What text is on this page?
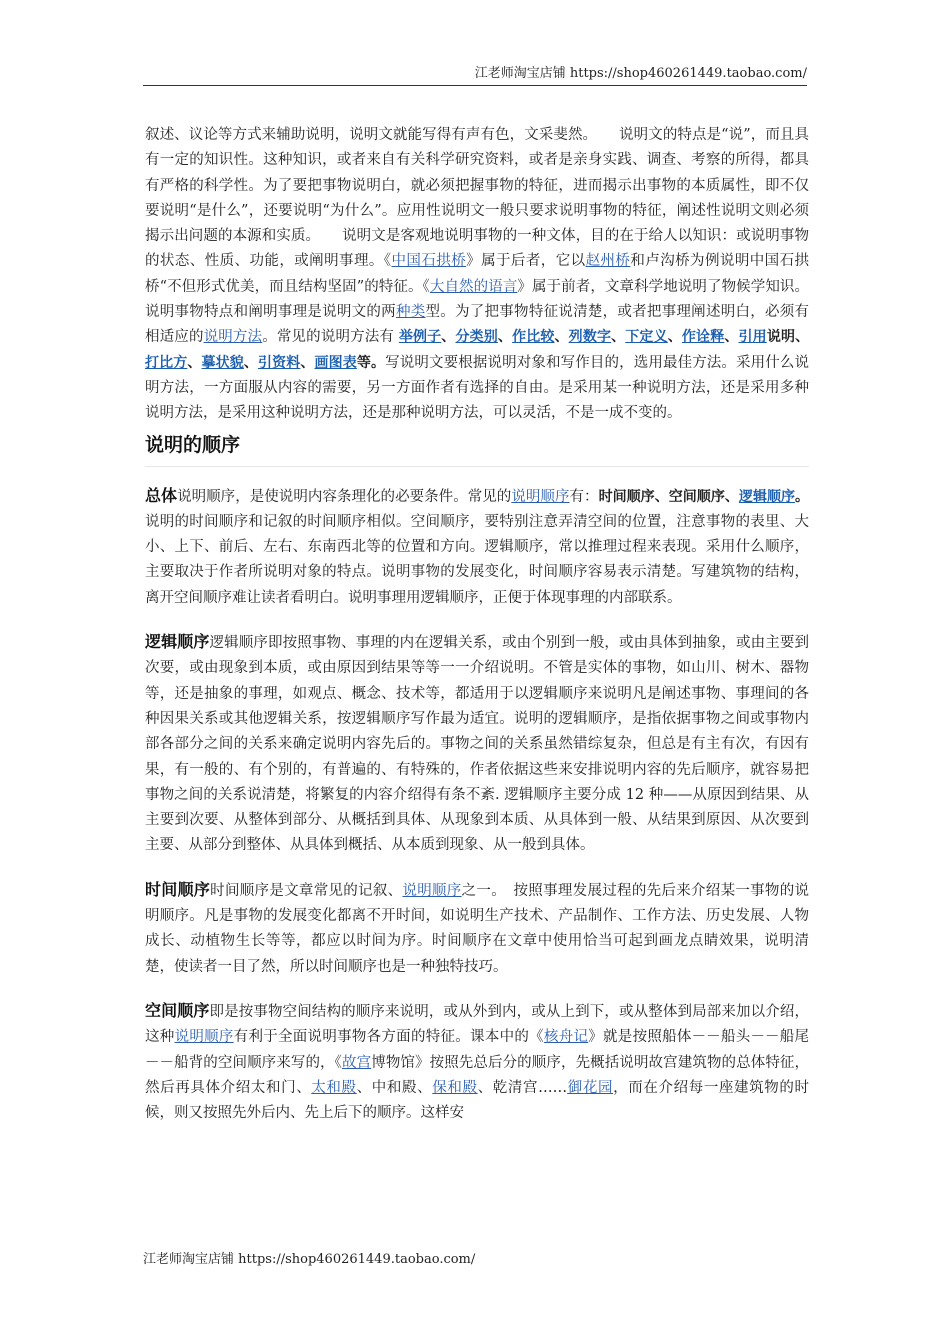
江老师淘宝店铺 https://shop460261449.taobao.com/

叙述、议论等方式来辅助说明，说明文就能写得有声有色，文采斐然。　　说明文的特点是“说”，而且具有一定的知识性。这种知识，或者来自有关科学研究资料，或者是亲身实践、调查、考察的所得，都具有严格的科学性。为了要把事物说明白，就必须把握事物的特征，进而揭示出事物的本质属性，即不仅要说明“是什么”，还要说明“为什么”。应用性说明文一般只要求说明事物的特征，阐述性说明文则必须揭示出问题的本源和实质。　　说明文是客观地说明事物的一种文体，目的在于给人以知识：或说明事物的状态、性质、功能，或阐明事理。《中国石拱桥》属于后者，它以赵州桥和卢沟桥为例说明中国石拱桥“不但形式优美，而且结构坚固”的特征。《大自然的语言》属于前者，文章科学地说明了物候学知识。说明事物特点和阐明事理是说明文的两种类型。为了把事物特征说清楚，或者把事理阐述明白，必须有相适应的说明方法。常见的说明方法有 举例子、分类别、作比较、列数字、下定义、作诠释、引用说明、打比方、摹状貌、引资料、画图表等。写说明文要根据说明对象和写作目的，选用最佳方法。采用什么说明方法，一方面服从内容的需要，另一方面作者有选择的自由。是采用某一种说明方法，还是采用多种说明方法，是采用这种说明方法，还是那种说明方法，可以灵活，不是一成不变的。

说明的顺序

总体说明顺序，是使说明内容条理化的必要条件。常见的说明顺序有：时间顺序、空间顺序、逻辑顺序。说明的时间顺序和记叙的时间顺序相似。空间顺序，要特别注意弄清空间的位置，注意事物的表里、大小、上下、前后、左右、东南西北等的位置和方向。逻辑顺序，常以推理过程来表现。采用什么顺序，主要取决于作者所说明对象的特点。说明事物的发展变化，时间顺序容易表示清楚。写建筑物的结构，离开空间顺序难让读者看明白。说明事理用逻辑顺序，正便于体现事理的内部联系。

逻辑顺序逻辑顺序即按照事物、事理的内在逻辑关系，或由个别到一般，或由具体到抽象，或由主要到次要，或由现象到本质，或由原因到结果等等一一介绍说明。不管是实体的事物，如山川、树木、器物等，还是抽象的事理，如观点、概念、技术等，都适用于以逻辑顺序来说明凡是阐述事物、事理间的各种因果关系或其他逻辑关系，按逻辑顺序写作最为适宜。说明的逻辑顺序，是指依据事物之间或事物内部各部分之间的关系来确定说明内容先后的。事物之间的关系虽然错综复杂，但总是有主有次，有因有果，有一般的、有个别的，有普遍的、有特殊的，作者依据这些来安排说明内容的先后顺序，就容易把事物之间的关系说清楚，将繁复的内容介绍得有条不紊. 逻辑顺序主要分成 12 种——从原因到结果、从主要到次要、从整体到部分、从概括到具体、从现象到本质、从具体到一般、从结果到原因、从次要到主要、从部分到整体、从具体到概括、从本质到现象、从一般到具体。

时间顺序时间顺序是文章常见的记叙、说明顺序之一。　按照事理发展过程的先后来介绍某一事物的说明顺序。凡是事物的发展变化都离不开时间，如说明生产技术、产品制作、工作方法、历史发展、人物成长、动植物生长等等，都应以时间为序。时间顺序在文章中使用恰当可起到画龙点睛效果，说明清楚，使读者一目了然，所以时间顺序也是一种独特技巧。

空间顺序即是按事物空间结构的顺序来说明，或从外到内，或从上到下，或从整体到局部来加以介绍，这种说明顺序有利于全面说明事物各方面的特征。课本中的《核舟记》就是按照船体－－船头－－船尾－－船背的空间顺序来写的，《故宫博物馆》按照先总后分的顺序，先概括说明故宫建筑物的总体特征，然后再具体介绍太和门、太和殿、中和殿、保和殿、乾清宫……御花园，而在介绍每一座建筑物的时候，则又按照先外后内、先上后下的顺序。这样安

江老师淘宝店铺 https://shop460261449.taobao.com/
